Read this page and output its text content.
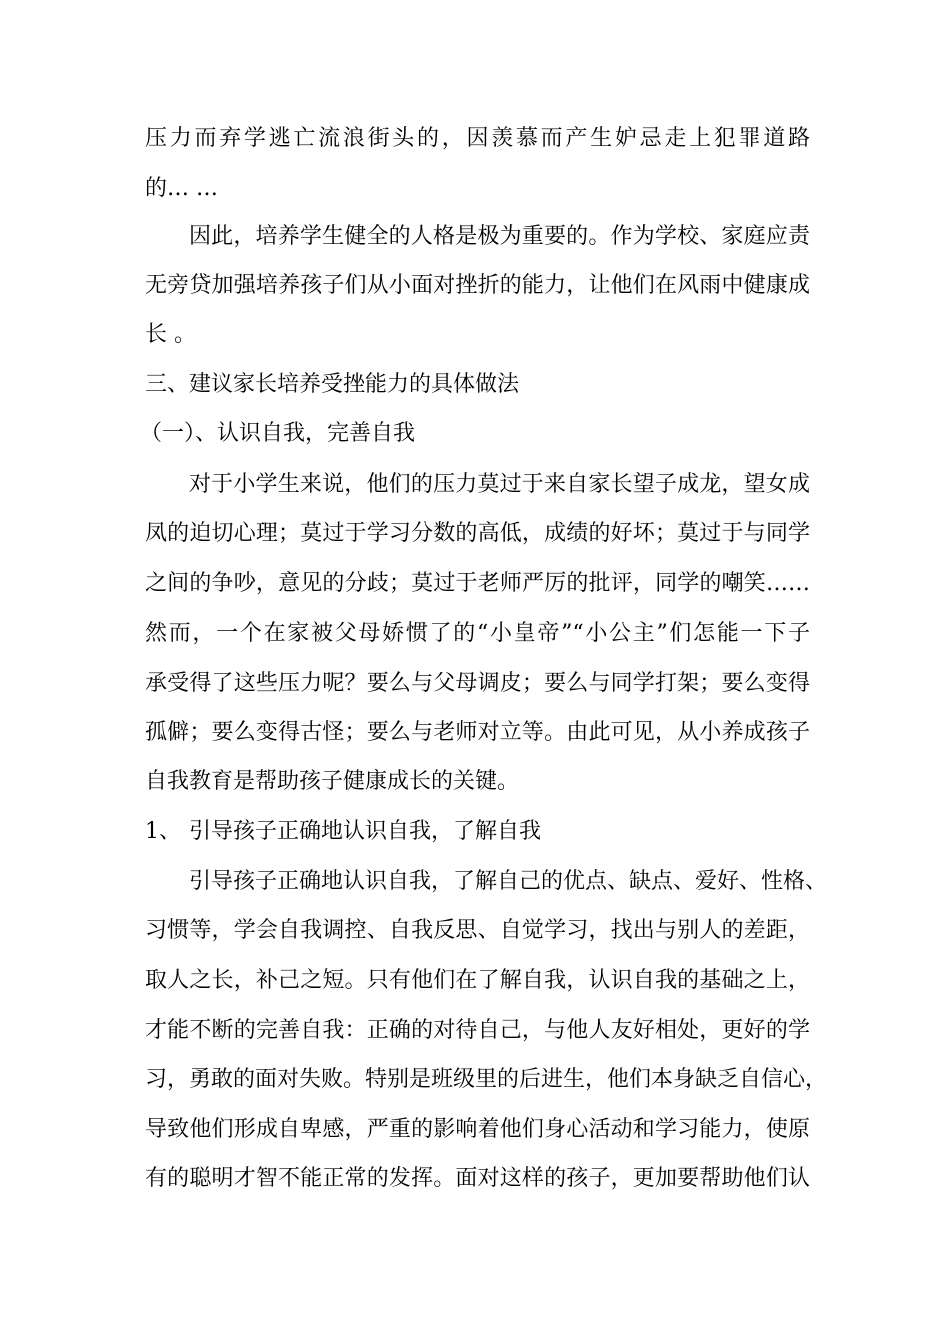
压力而弃学逃亡流浪街头的，因羡慕而产生妒忌走上犯罪道路
的… …
因此，培养学生健全的人格是极为重要的。作为学校、家庭应责
无旁贷加强培养孩子们从小面对挫折的能力，让他们在风雨中健康成
长 。
三、建议家长培养受挫能力的具体做法
（一）、认识自我，完善自我
对于小学生来说，他们的压力莫过于来自家长望子成龙，望女成
凤的迫切心理；莫过于学习分数的高低，成绩的好坏；莫过于与同学
之间的争吵，意见的分歧；莫过于老师严厉的批评，同学的嘲笑……
然而，一个在家被父母娇惯了的“小皇帝”“小公主”们怎能一下子
承受得了这些压力呢？要么与父母调皮；要么与同学打架；要么变得
孤僻；要么变得古怪；要么与老师对立等。由此可见，从小养成孩子
自我教育是帮助孩子健康成长的关键。
1、 引导孩子正确地认识自我，了解自我
引导孩子正确地认识自我，了解自己的优点、缺点、爱好、性格、
习惯等，学会自我调控、自我反思、自觉学习，找出与别人的差距，
取人之长，补己之短。只有他们在了解自我，认识自我的基础之上，
才能不断的完善自我：正确的对待自己，与他人友好相处，更好的学
习，勇敢的面对失败。特别是班级里的后进生，他们本身缺乏自信心，
导致他们形成自卑感，严重的影响着他们身心活动和学习能力，使原
有的聪明才智不能正常的发挥。面对这样的孩子，更加要帮助他们认
